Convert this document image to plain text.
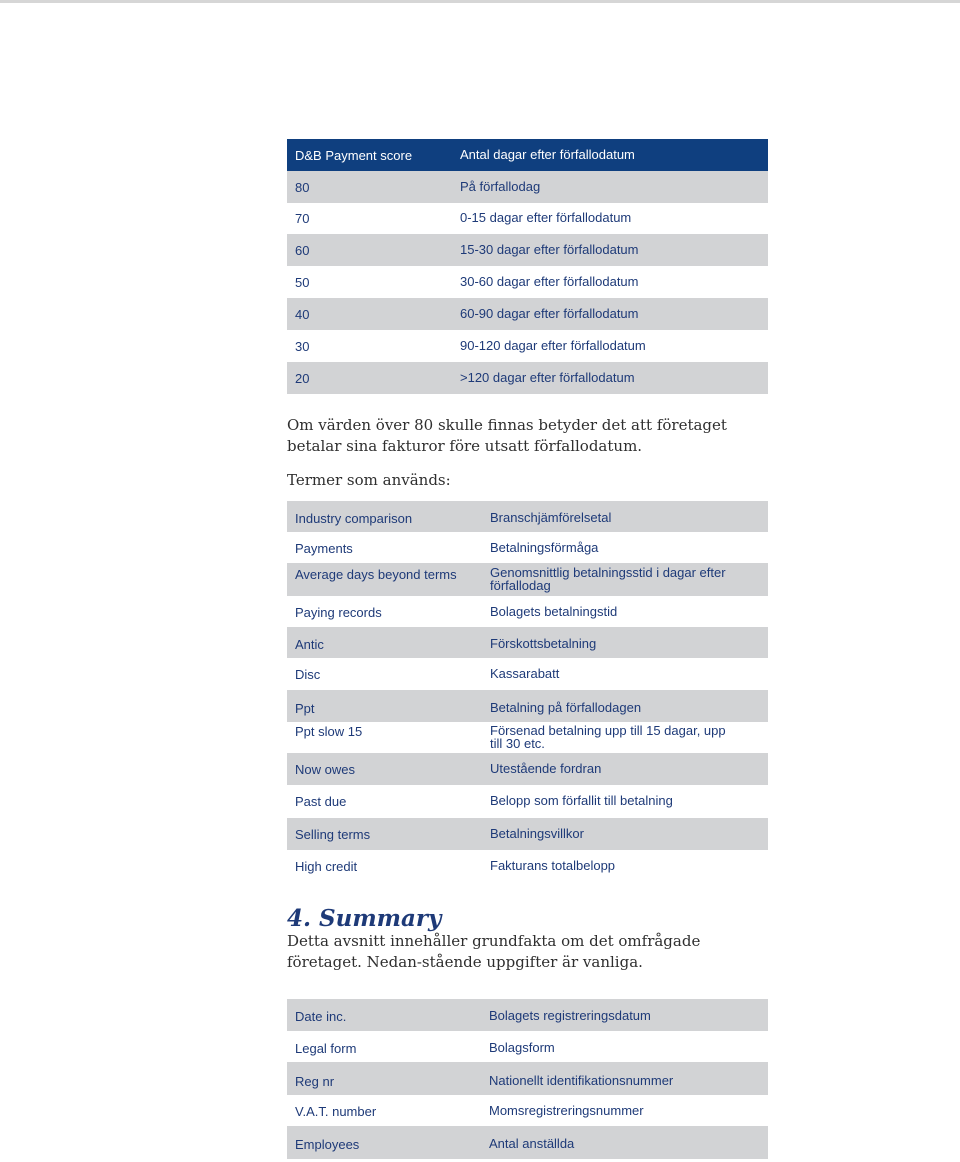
D&B Payment score	Antal dagar efter förfallodatum
80	På förfallodag
70	0-15 dagar efter förfallodatum
60	15-30 dagar efter förfallodatum
50	30-60 dagar efter förfallodatum
40	60-90 dagar efter förfallodatum
30	90-120 dagar efter förfallodatum
20	>120 dagar efter förfallodatum

Om värden över 80 skulle finnas betyder det att företaget betalar sina fakturor före utsatt förfallodatum.

Termer som används:

Industry comparison	Branschjämförelsetal
Payments	Betalningsförmåga
Average days beyond terms	Genomsnittlig betalningsstid i dagar efter förfallodag
Paying records	Bolagets betalningstid
Antic	Förskottsbetalning
Disc	Kassarabatt
Ppt	Betalning på förfallodagen
Ppt slow 15	Försenad betalning upp till 15 dagar, upp till 30 etc.
Now owes	Utestående fordran
Past due	Belopp som förfallit till betalning
Selling terms	Betalningsvillkor
High credit	Fakturans totalbelopp
4. Summary

Detta avsnitt innehåller grundfakta om det omfrågade företaget. Nedan-stående uppgifter är vanliga.

Date inc.	Bolagets registreringsdatum
Legal form	Bolagsform
Reg nr	Nationellt identifikationsnummer
V.A.T. number	Momsregistreringsnummer
Employees	Antal anställda
